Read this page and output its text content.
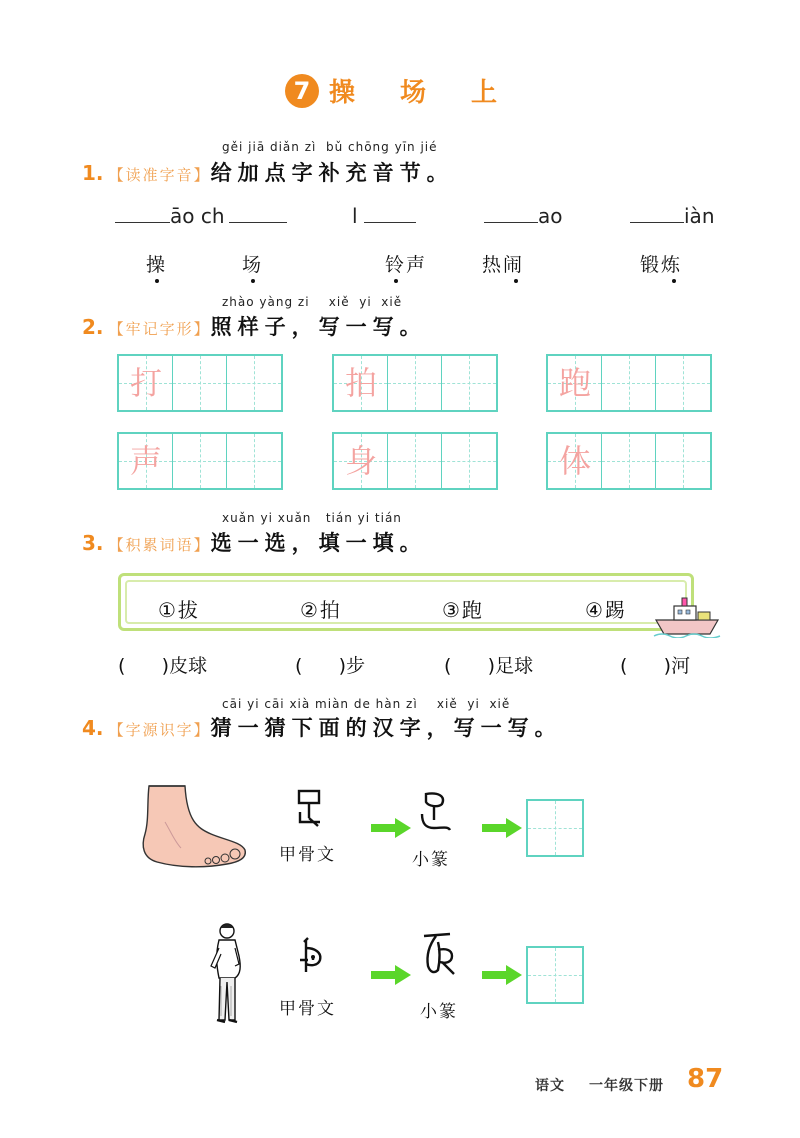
7 操 场 上
gěi jiā diǎn zì  bǔ chōng yīn jié
1. 【读准字音】给加点字补充音节。
āo ch	l	ao	iàn
操	场	铃声	热闹	锻炼
zhào yàng zi    xiě  yi  xiě
2. 【牢记字形】照样子，写一写。
打	拍	跑
声	身	体
xuǎn yi xuǎn   tián yi tián
3. 【积累词语】选一选，填一填。
①拔	②拍	③跑	④踢
(      )皮球	(      )步	(      )足球	(      )河
cāi yi cāi xià miàn de hàn zì    xiě  yi  xiě
4. 【字源识字】猜一猜下面的汉字，写一写。
甲骨文	小篆
甲骨文	小篆
语文 一年级下册 87
